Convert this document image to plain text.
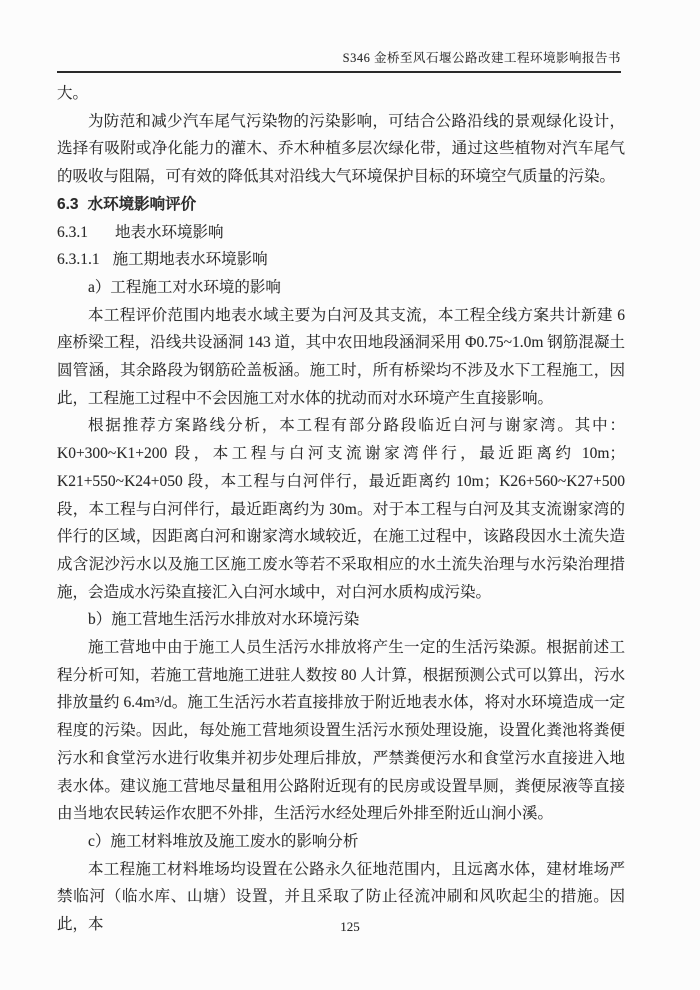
S346 金桥至风石堰公路改建工程环境影响报告书
大。
为防范和减少汽车尾气污染物的污染影响，可结合公路沿线的景观绿化设计，选择有吸附或净化能力的灌木、乔木种植多层次绿化带，通过这些植物对汽车尾气的吸收与阻隔，可有效的降低其对沿线大气环境保护目标的环境空气质量的污染。
6.3 水环境影响评价
6.3.1 地表水环境影响
6.3.1.1 施工期地表水环境影响
a）工程施工对水环境的影响
本工程评价范围内地表水域主要为白河及其支流，本工程全线方案共计新建 6 座桥梁工程，沿线共设涵洞 143 道，其中农田地段涵洞采用 Φ0.75~1.0m 钢筋混凝土圆管涵，其余路段为钢筋砼盖板涵。施工时，所有桥梁均不涉及水下工程施工，因此，工程施工过程中不会因施工对水体的扰动而对水环境产生直接影响。
根据推荐方案路线分析，本工程有部分路段临近白河与谢家湾。其中：K0+300~K1+200 段，本工程与白河支流谢家湾伴行，最近距离约 10m；K21+550~K24+050 段，本工程与白河伴行，最近距离约 10m；K26+560~K27+500 段，本工程与白河伴行，最近距离约为 30m。对于本工程与白河及其支流谢家湾的伴行的区域，因距离白河和谢家湾水域较近，在施工过程中，该路段因水土流失造成含泥沙污水以及施工区施工废水等若不采取相应的水土流失治理与水污染治理措施，会造成水污染直接汇入白河水域中，对白河水质构成污染。
b）施工营地生活污水排放对水环境污染
施工营地中由于施工人员生活污水排放将产生一定的生活污染源。根据前述工程分析可知，若施工营地施工进驻人数按 80 人计算，根据预测公式可以算出，污水排放量约 6.4m³/d。施工生活污水若直接排放于附近地表水体，将对水环境造成一定程度的污染。因此，每处施工营地须设置生活污水预处理设施，设置化粪池将粪便污水和食堂污水进行收集并初步处理后排放，严禁粪便污水和食堂污水直接进入地表水体。建议施工营地尽量租用公路附近现有的民房或设置旱厕，粪便尿液等直接由当地农民转运作农肥不外排，生活污水经处理后外排至附近山涧小溪。
c）施工材料堆放及施工废水的影响分析
本工程施工材料堆场均设置在公路永久征地范围内，且远离水体，建材堆场严禁临河（临水库、山塘）设置，并且采取了防止径流冲刷和风吹起尘的措施。因此，本	125
